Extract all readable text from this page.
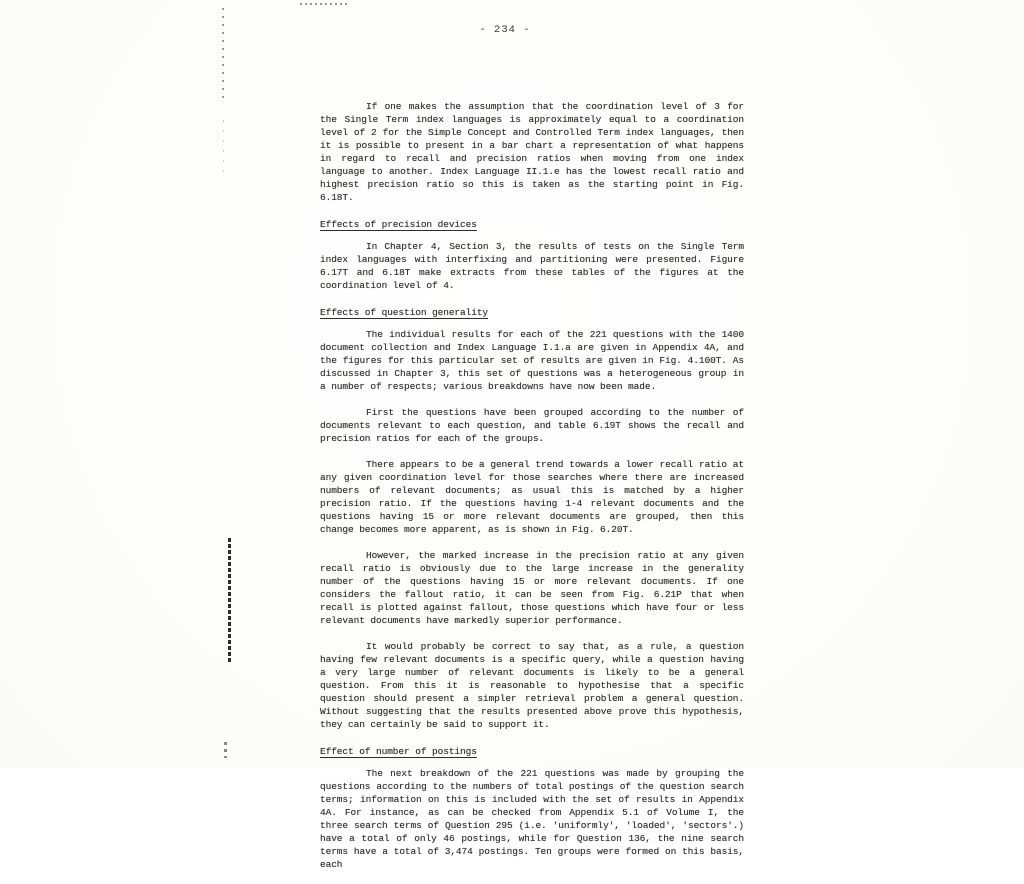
- 234 -

If one makes the assumption that the coordination level of 3 for the Single Term index languages is approximately equal to a coordination level of 2 for the Simple Concept and Controlled Term index languages, then it is possible to present in a bar chart a representation of what happens in regard to recall and precision ratios when moving from one index language to another. Index Language II.1.e has the lowest recall ratio and highest precision ratio so this is taken as the starting point in Fig. 6.18T.

Effects of precision devices

In Chapter 4, Section 3, the results of tests on the Single Term index languages with interfixing and partitioning were presented. Figure 6.17T and 6.18T make extracts from these tables of the figures at the coordination level of 4.

Effects of question generality

The individual results for each of the 221 questions with the 1400 document collection and Index Language I.1.a are given in Appendix 4A, and the figures for this particular set of results are given in Fig. 4.100T. As discussed in Chapter 3, this set of questions was a heterogeneous group in a number of respects; various breakdowns have now been made.

First the questions have been grouped according to the number of documents relevant to each question, and table 6.19T shows the recall and precision ratios for each of the groups.

There appears to be a general trend towards a lower recall ratio at any given coordination level for those searches where there are increased numbers of relevant documents; as usual this is matched by a higher precision ratio. If the questions having 1-4 relevant documents and the questions having 15 or more relevant documents are grouped, then this change becomes more apparent, as is shown in Fig. 6.20T.

However, the marked increase in the precision ratio at any given recall ratio is obviously due to the large increase in the generality number of the questions having 15 or more relevant documents. If one considers the fallout ratio, it can be seen from Fig. 6.21P that when recall is plotted against fallout, those questions which have four or less relevant documents have markedly superior performance.

It would probably be correct to say that, as a rule, a question having few relevant documents is a specific query, while a question having a very large number of relevant documents is likely to be a general question. From this it is reasonable to hypothesise that a specific question should present a simpler retrieval problem a general question. Without suggesting that the results presented above prove this hypothesis, they can certainly be said to support it.

Effect of number of postings

The next breakdown of the 221 questions was made by grouping the questions according to the numbers of total postings of the question search terms; information on this is included with the set of results in Appendix 4A. For instance, as can be checked from Appendix 5.1 of Volume I, the three search terms of Question 295 (i.e. 'uniformly', 'loaded', 'sectors'.) have a total of only 46 postings, while for Question 136, the nine search terms have a total of 3,474 postings. Ten groups were formed on this basis, each
